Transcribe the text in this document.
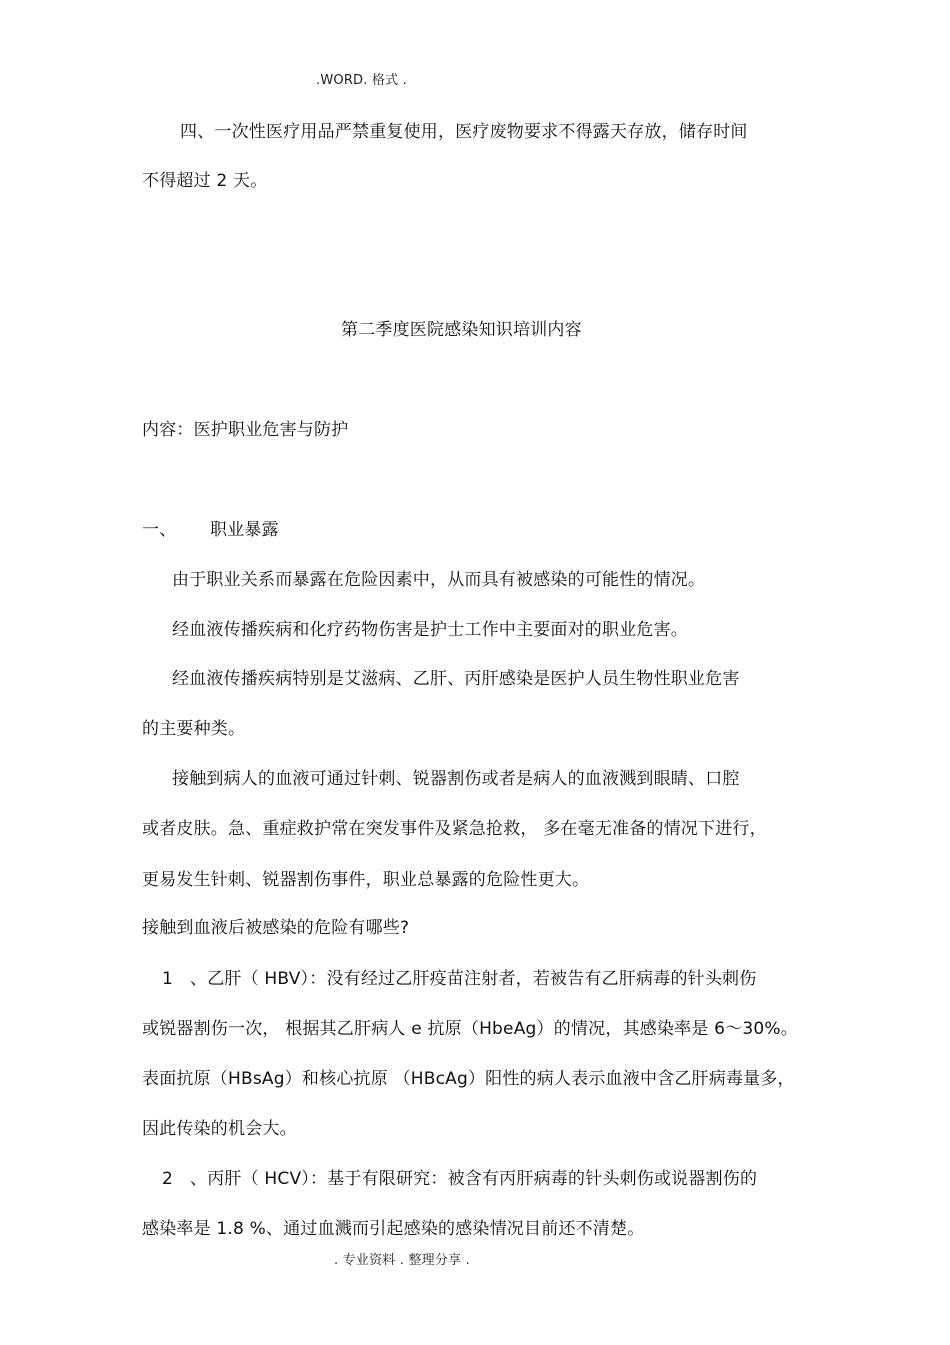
.WORD. 格式 .
四、一次性医疗用品严禁重复使用，医疗废物要求不得露天存放，储存时间
不得超过 2 天。
第二季度医院感染知识培训内容
内容：医护职业危害与防护
一、 职业暴露
由于职业关系而暴露在危险因素中，从而具有被感染的可能性的情况。
经血液传播疾病和化疗药物伤害是护士工作中主要面对的职业危害。
经血液传播疾病特别是艾滋病、乙肝、丙肝感染是医护人员生物性职业危害
的主要种类。
接触到病人的血液可通过针刺、锐器割伤或者是病人的血液溅到眼睛、口腔
或者皮肤。急、重症救护常在突发事件及紧急抢救， 多在毫无准备的情况下进行，
更易发生针刺、锐器割伤事件，职业总暴露的危险性更大。
接触到血液后被感染的危险有哪些?
1 、乙肝（ HBV）：没有经过乙肝疫苗注射者，若被告有乙肝病毒的针头刺伤
或锐器割伤一次， 根据其乙肝病人 e 抗原（HbeAg）的情况，其感染率是 6～30%。
表面抗原（HBsAg）和核心抗原 （HBcAg）阳性的病人表示血液中含乙肝病毒量多，
因此传染的机会大。
2 、丙肝（ HCV）：基于有限研究：被含有丙肝病毒的针头刺伤或说器割伤的
感染率是 1.8 %、通过血溅而引起感染的感染情况目前还不清楚。
. 专业资料 . 整理分享 .
